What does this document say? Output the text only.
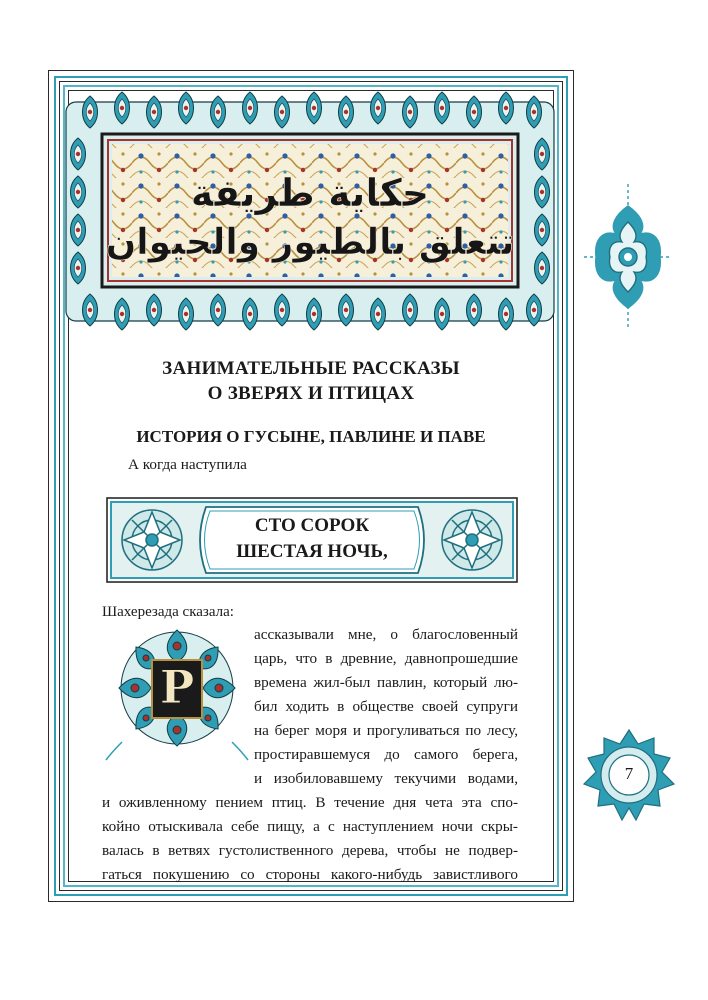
حكاية طريفة
تتعلق بالطيور والحيوان
ЗАНИМАТЕЛЬНЫЕ РАССКАЗЫ
О ЗВЕРЯХ И ПТИЦАХ
ИСТОРИЯ О ГУСЫНЕ, ПАВЛИНЕ И ПАВЕ
А когда наступила
СТО СОРОК
ШЕСТАЯ НОЧЬ,
Шахерезада сказала:
Р
ассказывали мне, о благословенный
царь, что в древние, давнопрошедшие
времена жил-был павлин, который лю-
бил ходить в обществе своей супруги
на берег моря и прогуливаться по лесу,
простиравшемуся до самого берега,
и изобиловавшему текучими водами,
и оживленному пением птиц. В течение дня чета эта спо-
койно отыскивала себе пищу, а с наступлением ночи скры-
валась в ветвях густолиственного дерева, чтобы не подвер-
гаться покушению со стороны какого-нибудь завистливого
7
